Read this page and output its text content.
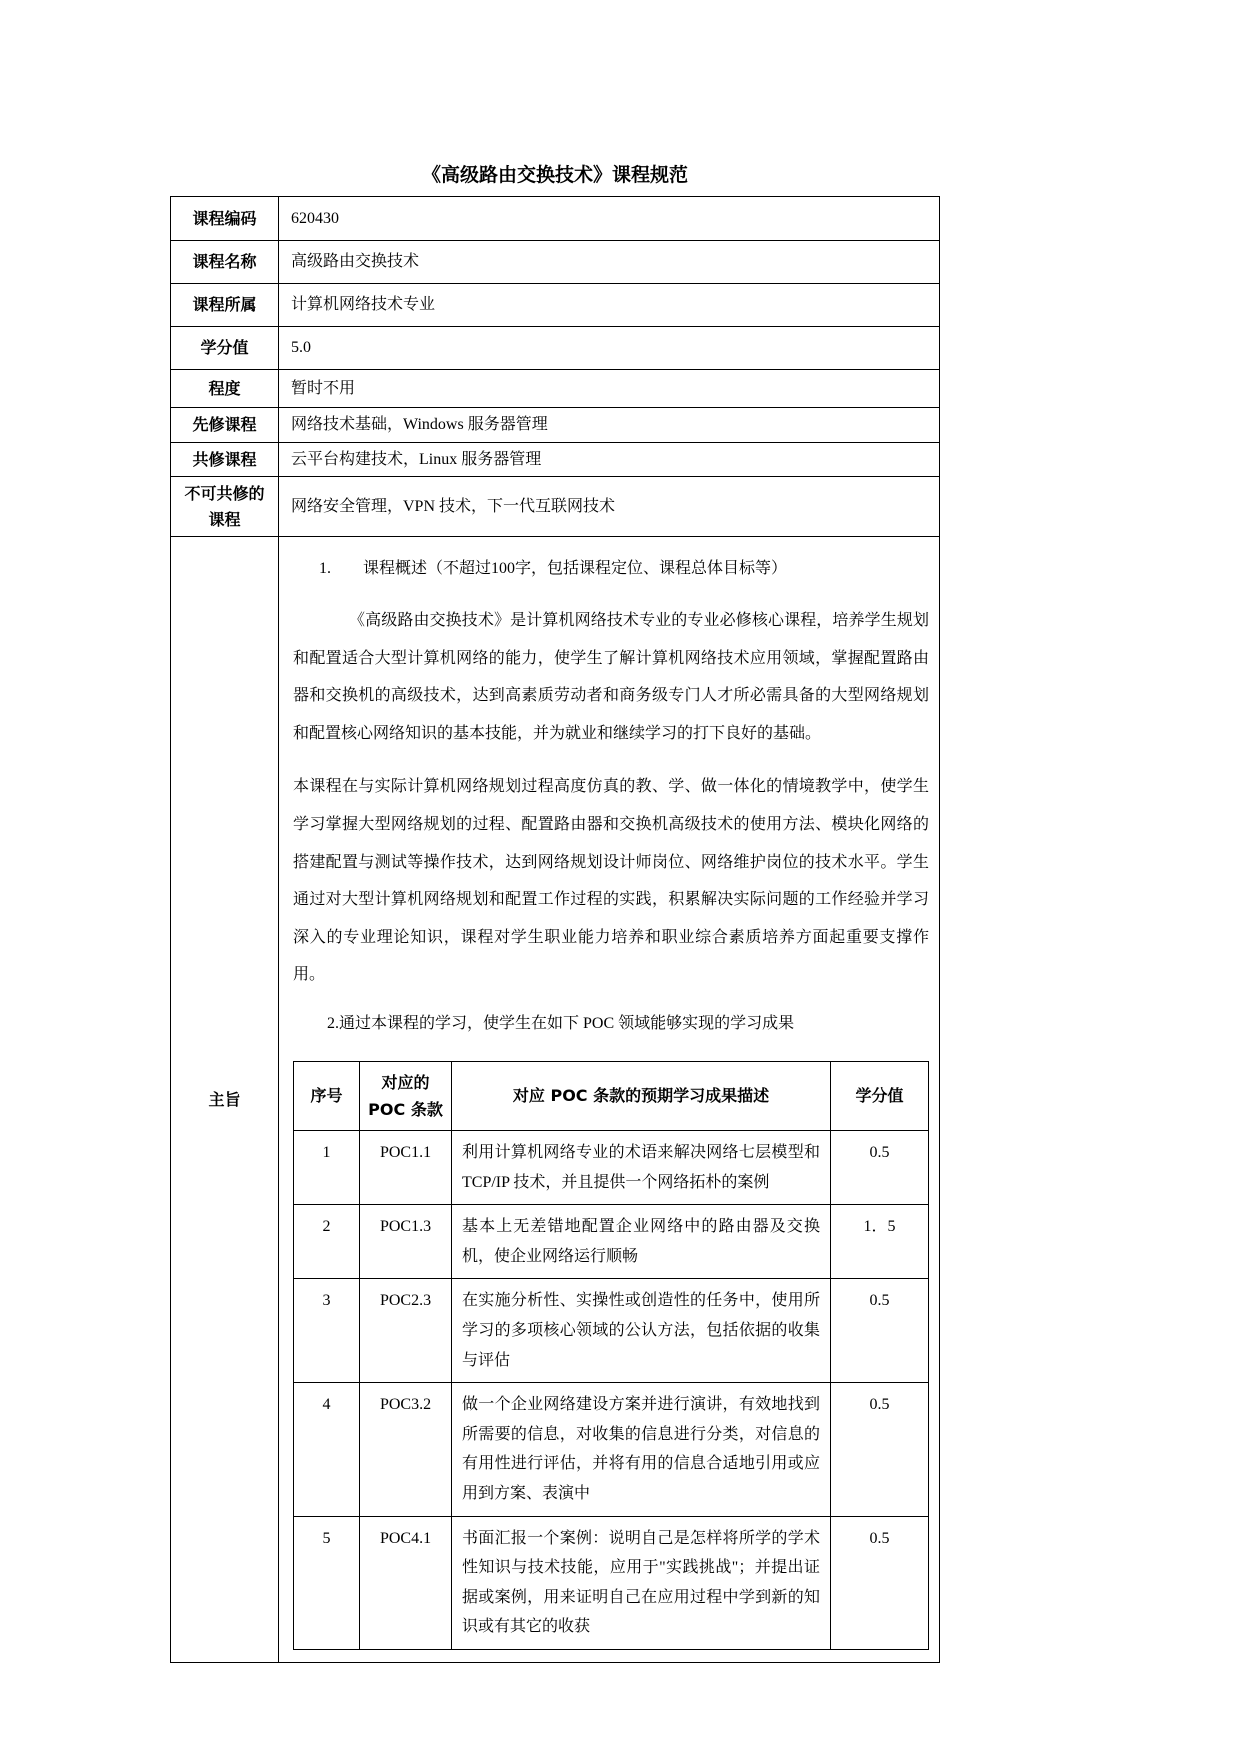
《高级路由交换技术》课程规范
课程编码	620430
课程名称	高级路由交换技术
课程所属	计算机网络技术专业
学分值	5.0
程度	暂时不用
先修课程	网络技术基础，Windows 服务器管理
共修课程	云平台构建技术，Linux 服务器管理
不可共修的课程	网络安全管理，VPN 技术，下一代互联网技术
主旨	
1.　　课程概述（不超过100字，包括课程定位、课程总体目标等）

《高级路由交换技术》是计算机网络技术专业的专业必修核心课程，培养学生规划和配置适合大型计算机网络的能力，使学生了解计算机网络技术应用领域，掌握配置路由器和交换机的高级技术，达到高素质劳动者和商务级专门人才所必需具备的大型网络规划和配置核心网络知识的基本技能，并为就业和继续学习的打下良好的基础。

本课程在与实际计算机网络规划过程高度仿真的教、学、做一体化的情境教学中，使学生学习掌握大型网络规划的过程、配置路由器和交换机高级技术的使用方法、模块化网络的搭建配置与测试等操作技术，达到网络规划设计师岗位、网络维护岗位的技术水平。学生通过对大型计算机网络规划和配置工作过程的实践，积累解决实际问题的工作经验并学习深入的专业理论知识，课程对学生职业能力培养和职业综合素质培养方面起重要支撑作用。

2.通过本课程的学习，使学生在如下 POC 领域能够实现的学习成果
序号	对应的 POC 条款	对应 POC 条款的预期学习成果描述	学分值
1	POC1.1	利用计算机网络专业的术语来解决网络七层模型和 TCP/IP 技术，并且提供一个网络拓朴的案例	0.5
2	POC1.3	基本上无差错地配置企业网络中的路由器及交换机，使企业网络运行顺畅	1．5
3	POC2.3	在实施分析性、实操性或创造性的任务中，使用所学习的多项核心领域的公认方法，包括依据的收集与评估	0.5
4	POC3.2	做一个企业网络建设方案并进行演讲，有效地找到所需要的信息，对收集的信息进行分类，对信息的有用性进行评估，并将有用的信息合适地引用或应用到方案、表演中	0.5
5	POC4.1	书面汇报一个案例：说明自己是怎样将所学的学术性知识与技术技能，应用于"实践挑战"；并提出证据或案例，用来证明自己在应用过程中学到新的知识或有其它的收获	0.5
